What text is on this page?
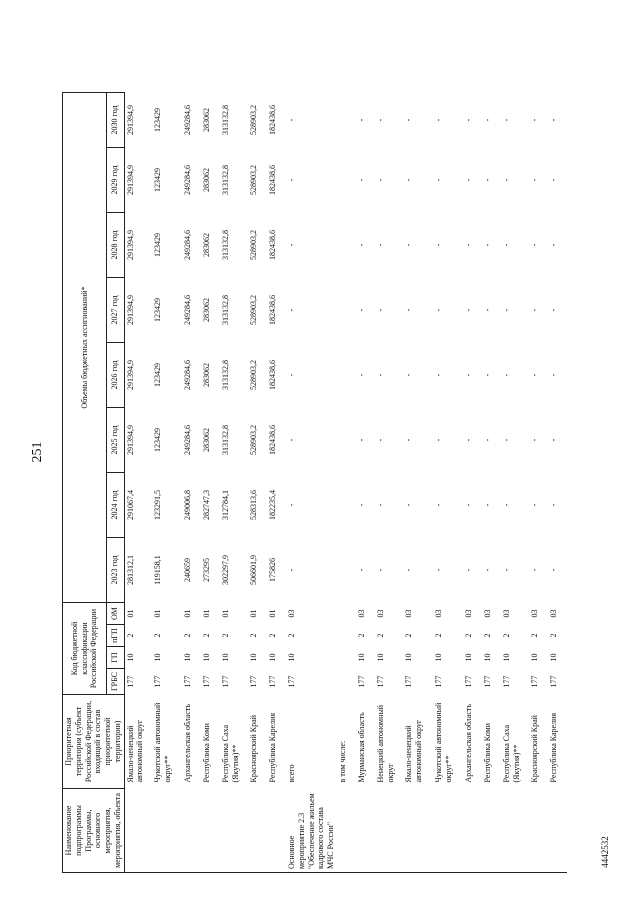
251
4442532
Наименование подпрограммы Программы, основного мероприятия, мероприятия, объекта	Приоритетная территория (субъект Российской Федерации, входящий в состав приоритетной территории)	Код бюджетной классификации Российской Федерации				Объемы бюджетных ассигнований*							
		ГРБС	ГП	пГП	ОМ	2023 год	2024 год	2025 год	2026 год	2027 год	2028 год	2029 год	2030 год
	Ямало-ненецкий автономный округ	177	10	2	01	281312,1	291067,4	291394,9	291394,9	291394,9	291394,9	291394,9	291394,9
	Чукотский автономный округ**	177	10	2	01	119158,1	123291,5	123429	123429	123429	123429	123429	123429
	Архангельская область	177	10	2	01	240659	249006,8	249284,6	249284,6	249284,6	249284,6	249284,6	249284,6
	Республика Коми	177	10	2	01	273295	282747,3	283062	283062	283062	283062	283062	283062
	Республика Саха (Якутия)**	177	10	2	01	302297,9	312784,1	313132,8	313132,8	313132,8	313132,8	313132,8	313132,8
	Красноярский Край	177	10	2	01	506601,9	528313,6	528903,2	528903,2	528903,2	528903,2	528903,2	528903,2
	Республика Карелия	177	10	2	01	175826	182235,4	182438,6	182438,6	182438,6	182438,6	182438,6	182438,6
Основное мероприятие 2.3 "Обеспечение жильем кадрового состава МЧС России"	всего	177	10	2	03	-	-	-	-	-	-	-	-
	в том числе:												
	Мурманская область	177	10	2	03	-	-	-	-	-	-	-	-
	Ненецкий автономный округ	177	10	2	03	-	-	-	-	-	-	-	-
	Ямало-ненецкий автономный округ	177	10	2	03	-	-	-	-	-	-	-	-
	Чукотский автономный округ**	177	10	2	03	-	-	-	-	-	-	-	-
	Архангельская область	177	10	2	03	-	-	-	-	-	-	-	-
	Республика Коми	177	10	2	03	-	-	-	-	-	-	-	-
	Республика Саха (Якутия)**	177	10	2	03	-	-	-	-	-	-	-	-
	Красноярский Край	177	10	2	03	-	-	-	-	-	-	-	-
	Республика Карелия	177	10	2	03	-	-	-	-	-	-	-	-
